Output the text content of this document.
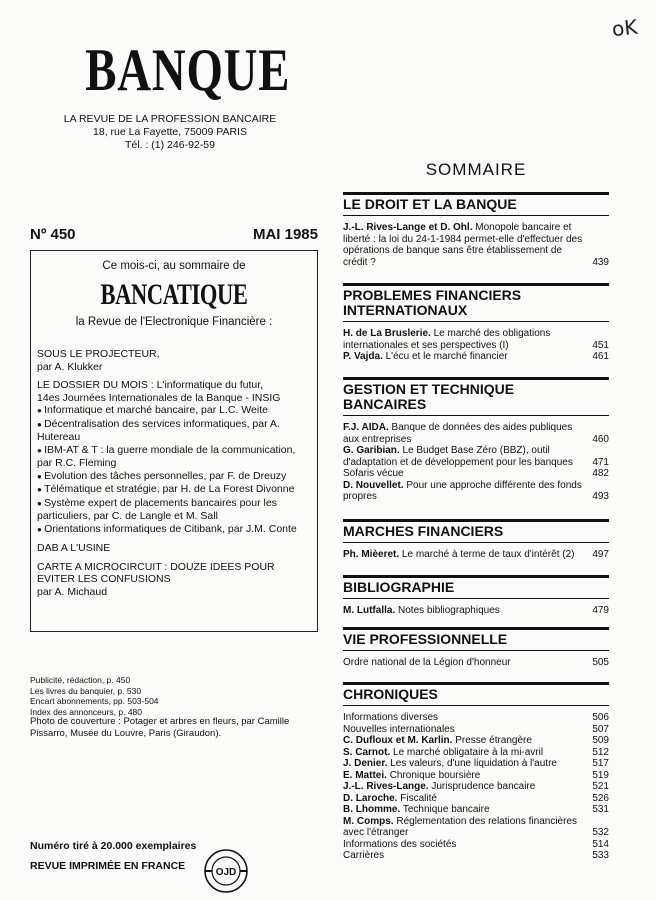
oK
BANQUE
LA REVUE DE LA PROFESSION BANCAIRE
18, rue La Fayette, 75009 PARIS
Tél. : (1) 246-92-59
Nº 450	MAI 1985
Ce mois-ci, au sommaire de
BANCATIQUE
la Revue de l'Electronique Financière :

SOUS LE PROJECTEUR,

par A. Klukker

LE DOSSIER DU MOIS : L'informatique du futur,

14es Journées Internationales de la Banque - INSIG

● Informatique et marché bancaire, par L.C. Weite

● Décentralisation des services informatiques, par A. Hutereau

● IBM-AT & T : la guerre mondiale de la communication, par R.C. Fleming

● Evolution des tâches personnelles, par F. de Dreuzy

● Télématique et stratégie, par H. de La Forest Divonne

● Système expert de placements bancaires pour les particuliers, par C. de Langle et M. Sall

● Orientations informatiques de Citibank, par J.M. Conte

DAB A L'USINE

CARTE A MICROCIRCUIT : DOUZE IDEES POUR EVITER LES CONFUSIONS

par A. Michaud

Publicité, rédaction, p. 450
Les livres du banquier, p. 530
Encart abonnements, pp. 503-504
Index des annonceurs, p. 480
Photo de couverture : Potager et arbres en fleurs, par Camille Pissarro, Musée du Louvre, Paris (Giraudon).
Numéro tiré à 20.000 exemplaires
REVUE IMPRIMÉE EN FRANCE
OJD
SOMMAIRE
LE DROIT ET LA BANQUE
J.-L. Rives-Lange et D. Ohl. Monopole bancaire et liberté : la loi du 24-1-1984 permet-elle d'effectuer des opérations de banque sans être établissement de crédit ?	439
PROBLEMES FINANCIERS INTERNATIONAUX
H. de La Bruslerie. Le marché des obligations internationales et ses perspectives (I)	451
P. Vajda. L'écu et le marché financier	461
GESTION ET TECHNIQUE BANCAIRES
F.J. AIDA. Banque de données des aides publiques aux entreprises	460
G. Garibian. Le Budget Base Zéro (BBZ), outil d'adaptation et de développement pour les banques 471
Sofaris vécue	482
D. Nouvellet. Pour une approche différente des fonds propres	493
MARCHES FINANCIERS
Ph. Mièeret. Le marché à terme de taux d'intérêt (2) 497
BIBLIOGRAPHIE
M. Lutfalla. Notes bibliographiques	479
VIE PROFESSIONNELLE
Ordre national de la Légion d'honneur	505
CHRONIQUES
Informations diverses	506
Nouvelles internationales	507
C. Dufloux et M. Karlin. Presse étrangère	509
S. Carnot. Le marché obligataire à la mi-avril	512
J. Denier. Les valeurs, d'une liquidation à l'autre	517
E. Mattei. Chronique boursière	519
J.-L. Rives-Lange. Jurisprudence bancaire	521
D. Laroche. Fiscalité	526
B. Lhomme. Technique bancaire	531
M. Comps. Réglementation des relations financières avec l'étranger	532
Informations des sociétés	514
Carrières	533
